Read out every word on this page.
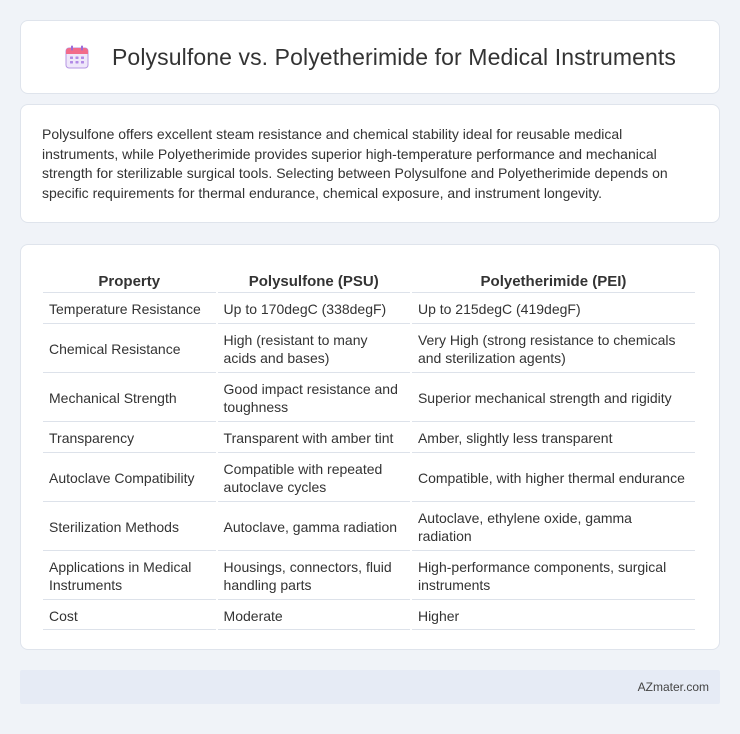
Polysulfone vs. Polyetherimide for Medical Instruments

Polysulfone offers excellent steam resistance and chemical stability ideal for reusable medical instruments, while Polyetherimide provides superior high-temperature performance and mechanical strength for sterilizable surgical tools. Selecting between Polysulfone and Polyetherimide depends on specific requirements for thermal endurance, chemical exposure, and instrument longevity.

Property	Polysulfone (PSU)	Polyetherimide (PEI)
Temperature Resistance	Up to 170degC (338degF)	Up to 215degC (419degF)
Chemical Resistance	High (resistant to many acids and bases)	Very High (strong resistance to chemicals and sterilization agents)
Mechanical Strength	Good impact resistance and toughness	Superior mechanical strength and rigidity
Transparency	Transparent with amber tint	Amber, slightly less transparent
Autoclave Compatibility	Compatible with repeated autoclave cycles	Compatible, with higher thermal endurance
Sterilization Methods	Autoclave, gamma radiation	Autoclave, ethylene oxide, gamma radiation
Applications in Medical Instruments	Housings, connectors, fluid handling parts	High-performance components, surgical instruments
Cost	Moderate	Higher
AZmater.com
